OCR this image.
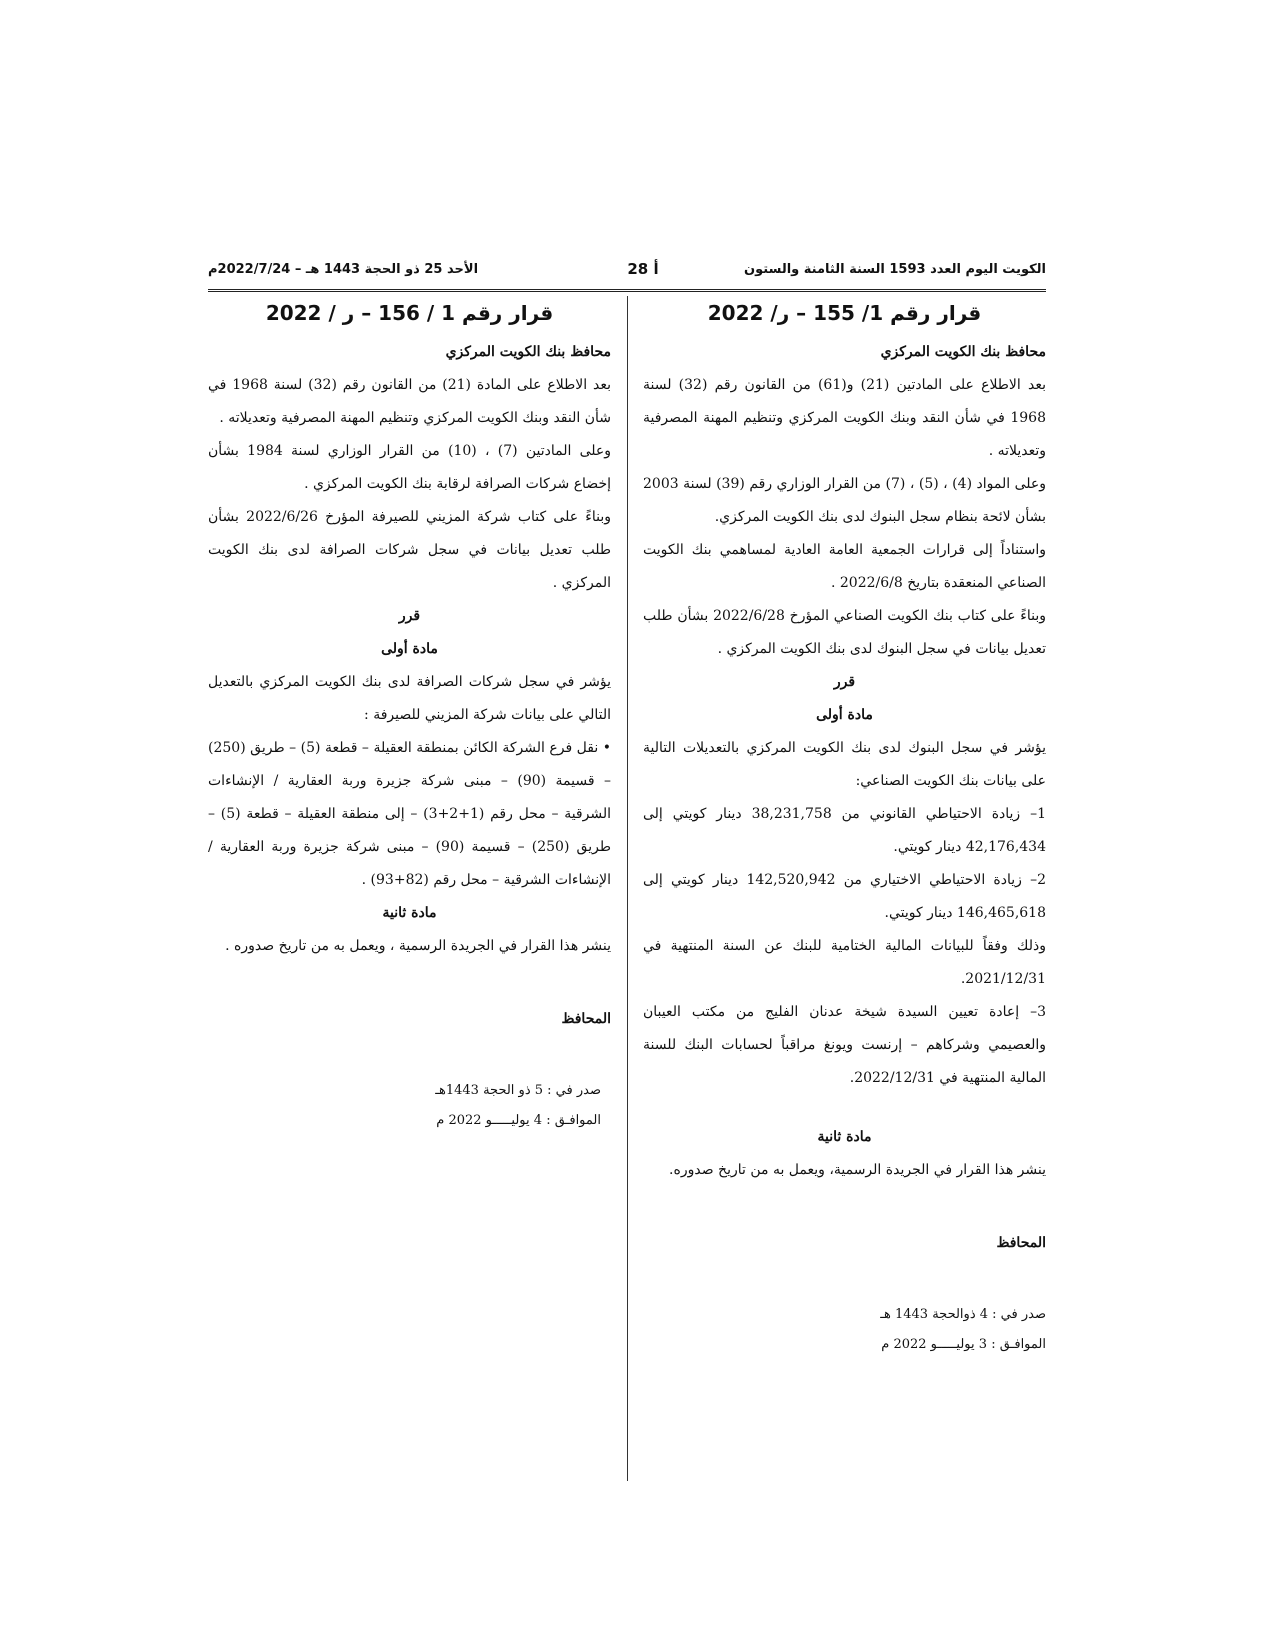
الكويت اليوم العدد 1593 السنة الثامنة والستون
أ 28
الأحد 25 ذو الحجة 1443 هـ – 2022/7/24م
قرار رقم 1/ 155 – ر/ 2022

محافظ بنك الكويت المركزي

بعد الاطلاع على المادتين (21) و(61) من القانون رقم (32) لسنة 1968 في شأن النقد وبنك الكويت المركزي وتنظيم المهنة المصرفية وتعديلاته .

وعلى المواد (4) ، (5) ، (7) من القرار الوزاري رقم (39) لسنة 2003 بشأن لائحة بنظام سجل البنوك لدى بنك الكويت المركزي.

واستناداً إلى قرارات الجمعية العامة العادية لمساهمي بنك الكويت الصناعي المنعقدة بتاريخ 2022/6/8 .

وبناءً على كتاب بنك الكويت الصناعي المؤرخ 2022/6/28 بشأن طلب تعديل بيانات في سجل البنوك لدى بنك الكويت المركزي .

قرر

مادة أولى

يؤشر في سجل البنوك لدى بنك الكويت المركزي بالتعديلات التالية على بيانات بنك الكويت الصناعي:

1– زيادة الاحتياطي القانوني من 38,231,758 دينار كويتي إلى 42,176,434 دينار كويتي.

2– زيادة الاحتياطي الاختياري من 142,520,942 دينار كويتي إلى 146,465,618 دينار كويتي.

وذلك وفقاً للبيانات المالية الختامية للبنك عن السنة المنتهية في 2021/12/31.

3– إعادة تعيين السيدة شيخة عدنان الفليج من مكتب العيبان والعصيمي وشركاهم – إرنست ويونغ مراقباً لحسابات البنك للسنة المالية المنتهية في 2022/12/31.

مادة ثانية

ينشر هذا القرار في الجريدة الرسمية، ويعمل به من تاريخ صدوره.

المحافظ

صدر في : 4 ذوالحجة 1443 هـ

الموافـق : 3 يوليـــــو 2022 م

قرار رقم 1 / 156 – ر / 2022

محافظ بنك الكويت المركزي

بعد الاطلاع على المادة (21) من القانون رقم (32) لسنة 1968 في شأن النقد وبنك الكويت المركزي وتنظيم المهنة المصرفية وتعديلاته .

وعلى المادتين (7) ، (10) من القرار الوزاري لسنة 1984 بشأن إخضاع شركات الصرافة لرقابة بنك الكويت المركزي .

وبناءً على كتاب شركة المزيني للصيرفة المؤرخ 2022/6/26 بشأن طلب تعديل بيانات في سجل شركات الصرافة لدى بنك الكويت المركزي .

قرر

مادة أولى

يؤشر في سجل شركات الصرافة لدى بنك الكويت المركزي بالتعديل التالي على بيانات شركة المزيني للصيرفة :

• نقل فرع الشركة الكائن بمنطقة العقيلة – قطعة (5) – طريق (250) – قسيمة (90) – مبنى شركة جزيرة وربة العقارية / الإنشاءات الشرقية – محل رقم (1+2+3) – إلى منطقة العقيلة – قطعة (5) – طريق (250) – قسيمة (90) – مبنى شركة جزيرة وربة العقارية / الإنشاءات الشرقية – محل رقم (82+93) .

مادة ثانية

ينشر هذا القرار في الجريدة الرسمية ، ويعمل به من تاريخ صدوره .

المحافظ

صدر في : 5 ذو الحجة 1443هـ

الموافـق : 4 يوليـــــو 2022 م
